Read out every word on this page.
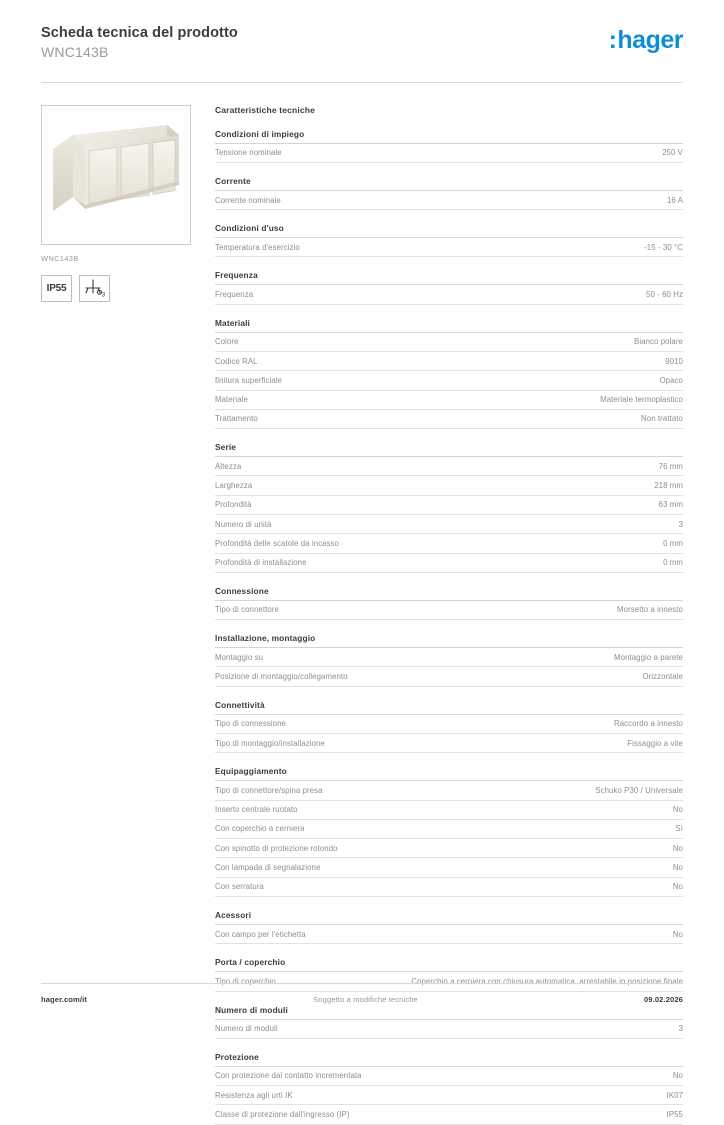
Scheda tecnica del prodotto
WNC143B	: hager
WNC143B
IP55
3
Caratteristiche tecniche
Condizioni di impiego
Tensione nominale	250 V
Corrente
Corrente nominale	16 A
Condizioni d'uso
Temperatura d'esercizio	-15 - 30 °C
Frequenza
Frequenza	50 - 60 Hz
Materiali
Colore	Bianco polare
Codice RAL	9010
finitura superficiale	Opaco
Materiale	Materiale termoplastico
Trattamento	Non trattato
Serie
Altezza	76 mm
Larghezza	218 mm
Profondità	63 mm
Numero di unità	3
Profondità delle scatole da incasso	0 mm
Profondità di installazione	0 mm
Connessione
Tipo di connettore	Morsetto a innesto
Installazione, montaggio
Montaggio su	Montaggio a parete
Posizione di montaggio/collegamento	Orizzontale
Connettività
Tipo di connessione	Raccordo a innesto
Tipo di montaggio/installazione	Fissaggio a vite
Equipaggiamento
Tipo di connettore/spina presa	Schuko P30 / Universale
Inserto centrale ruotato	No
Con coperchio a cerniera	Sì
Con spinotto di protezione rotondo	No
Con lampada di segnalazione	No
Con serratura	No
Acessori
Con campo per l'etichetta	No
Porta / coperchio
Tipo di coperchio	Coperchio a cerniera con chiusura automatica, arrestabile in posizione finale
Numero di moduli
Numero di moduli	3
Protezione
Con protezione dal contatto incrementata	No
Resistenza agli urti IK	IK07
Classe di protezione dall'ingresso (IP)	IP55
hager.com/it	Soggetto a modifiche tecniche	09.02.2026
